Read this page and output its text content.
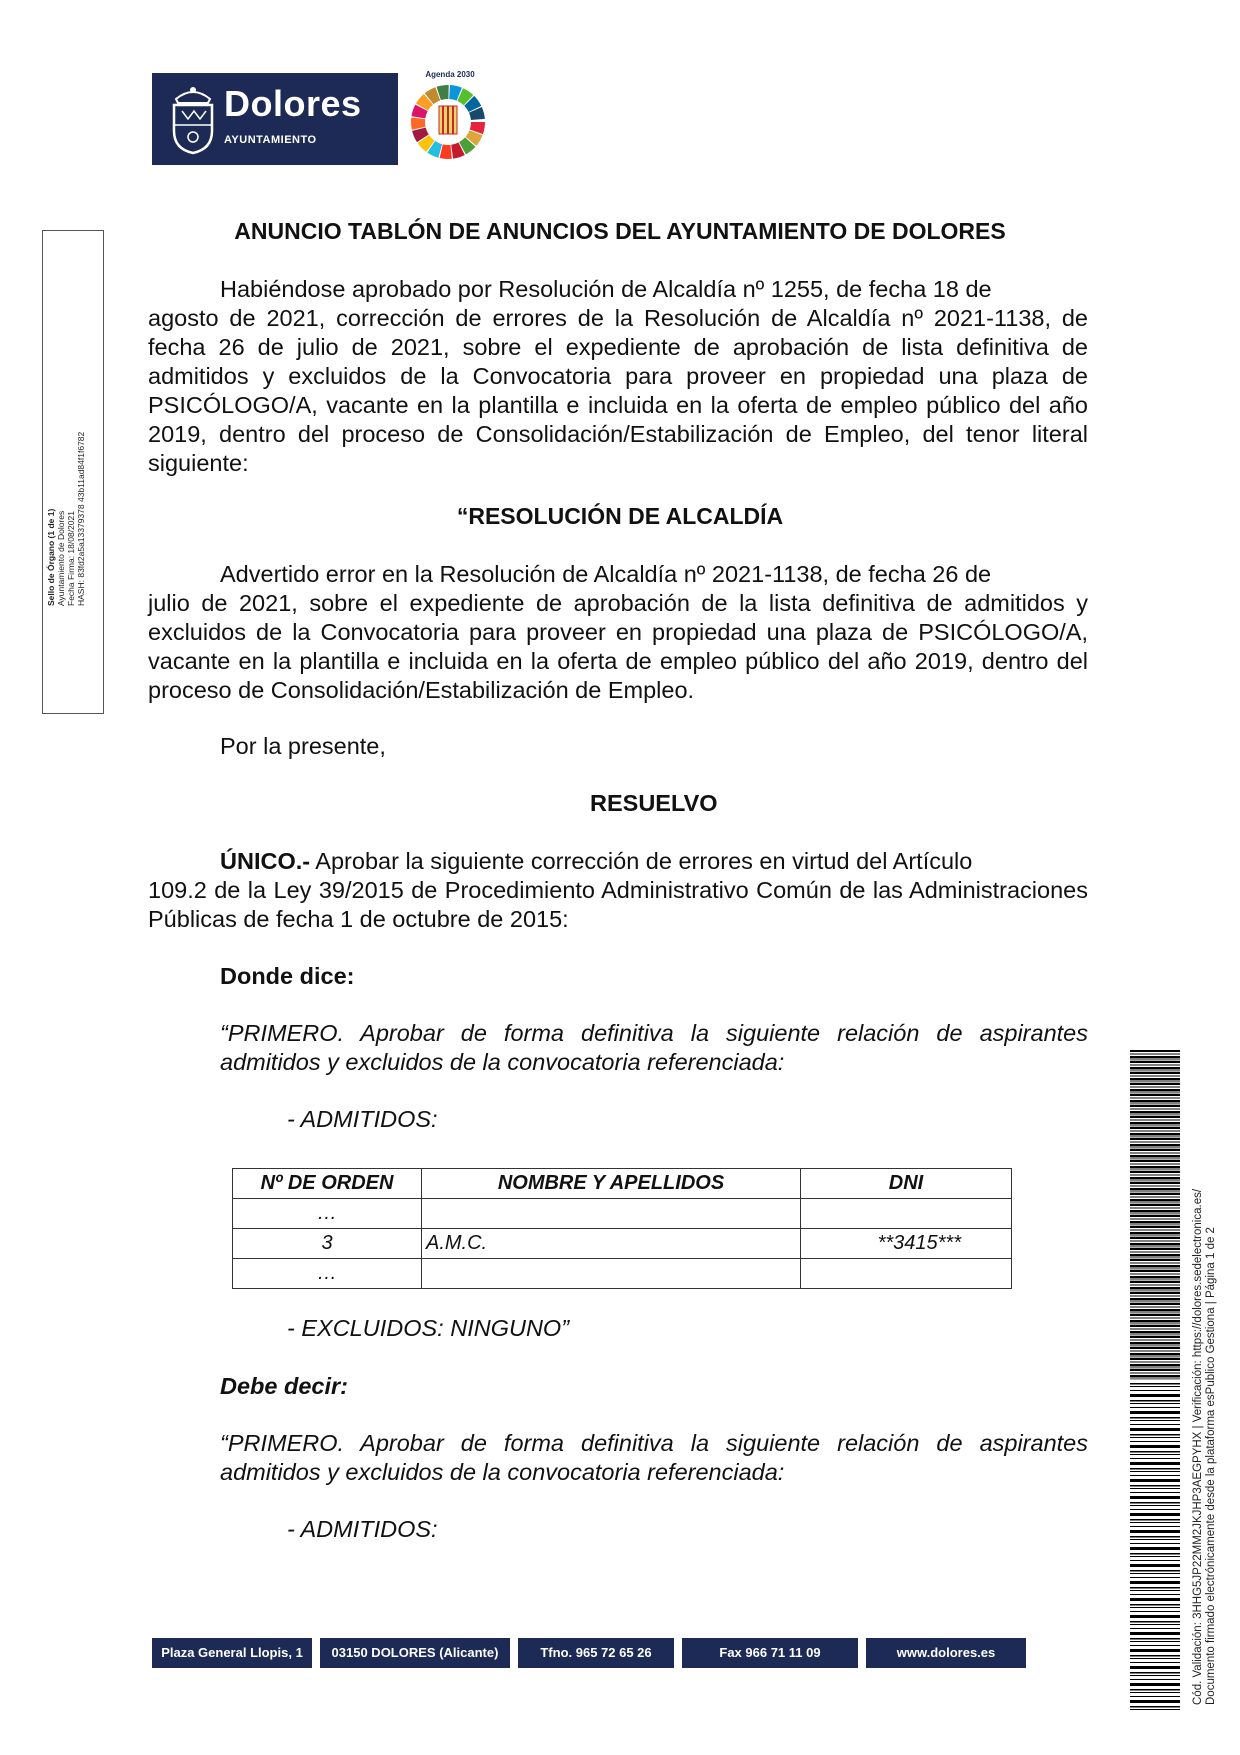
Dolores
AYUNTAMIENTO
Agenda 2030
Sello de Órgano (1 de 1) Ayuntamiento de Dolores Fecha Firma: 18/08/2021 HASH: 83fd2a5a13379378 43b11ad84f1f6782
Cód. Validación: 3HHG5JP22MM2JKJHP3AEGPYHX | Verificación: https://dolores.sedelectronica.es/ Documento firmado electrónicamente desde la plataforma esPublico Gestiona | Página 1 de 2
ANUNCIO TABLÓN DE ANUNCIOS DEL AYUNTAMIENTO DE DOLORES
Habiéndose aprobado por Resolución de Alcaldía nº 1255, de fecha 18 de
agosto de 2021, corrección de errores de la Resolución de Alcaldía nº 2021-1138, de fecha 26 de julio de 2021, sobre el expediente de aprobación de lista definitiva de admitidos y excluidos de la Convocatoria para proveer en propiedad una plaza de PSICÓLOGO/A, vacante en la plantilla e incluida en la oferta de empleo público del año 2019, dentro del proceso de Consolidación/Estabilización de Empleo, del tenor literal siguiente:
“RESOLUCIÓN DE ALCALDÍA
Advertido error en la Resolución de Alcaldía nº 2021-1138, de fecha 26 de
julio de 2021, sobre el expediente de aprobación de la lista definitiva de admitidos y excluidos de la Convocatoria para proveer en propiedad una plaza de PSICÓLOGO/A, vacante en la plantilla e incluida en la oferta de empleo público del año 2019, dentro del proceso de Consolidación/Estabilización de Empleo.
Por la presente,
RESUELVO
ÚNICO.- Aprobar la siguiente corrección de errores en virtud del Artículo
109.2 de la Ley 39/2015 de Procedimiento Administrativo Común de las Administraciones Públicas de fecha 1 de octubre de 2015:
Donde dice:
“PRIMERO. Aprobar de forma definitiva la siguiente relación de aspirantes admitidos y excluidos de la convocatoria referenciada:
- ADMITIDOS:
Nº DE ORDEN	NOMBRE Y APELLIDOS	DNI
…		
3	A.M.C.	**3415***
…		
- EXCLUIDOS: NINGUNO”
Debe decir:
“PRIMERO. Aprobar de forma definitiva la siguiente relación de aspirantes admitidos y excluidos de la convocatoria referenciada:
- ADMITIDOS:
Plaza General Llopis, 1	03150 DOLORES (Alicante)	Tfno. 965 72 65 26	Fax 966 71 11 09	www.dolores.es
